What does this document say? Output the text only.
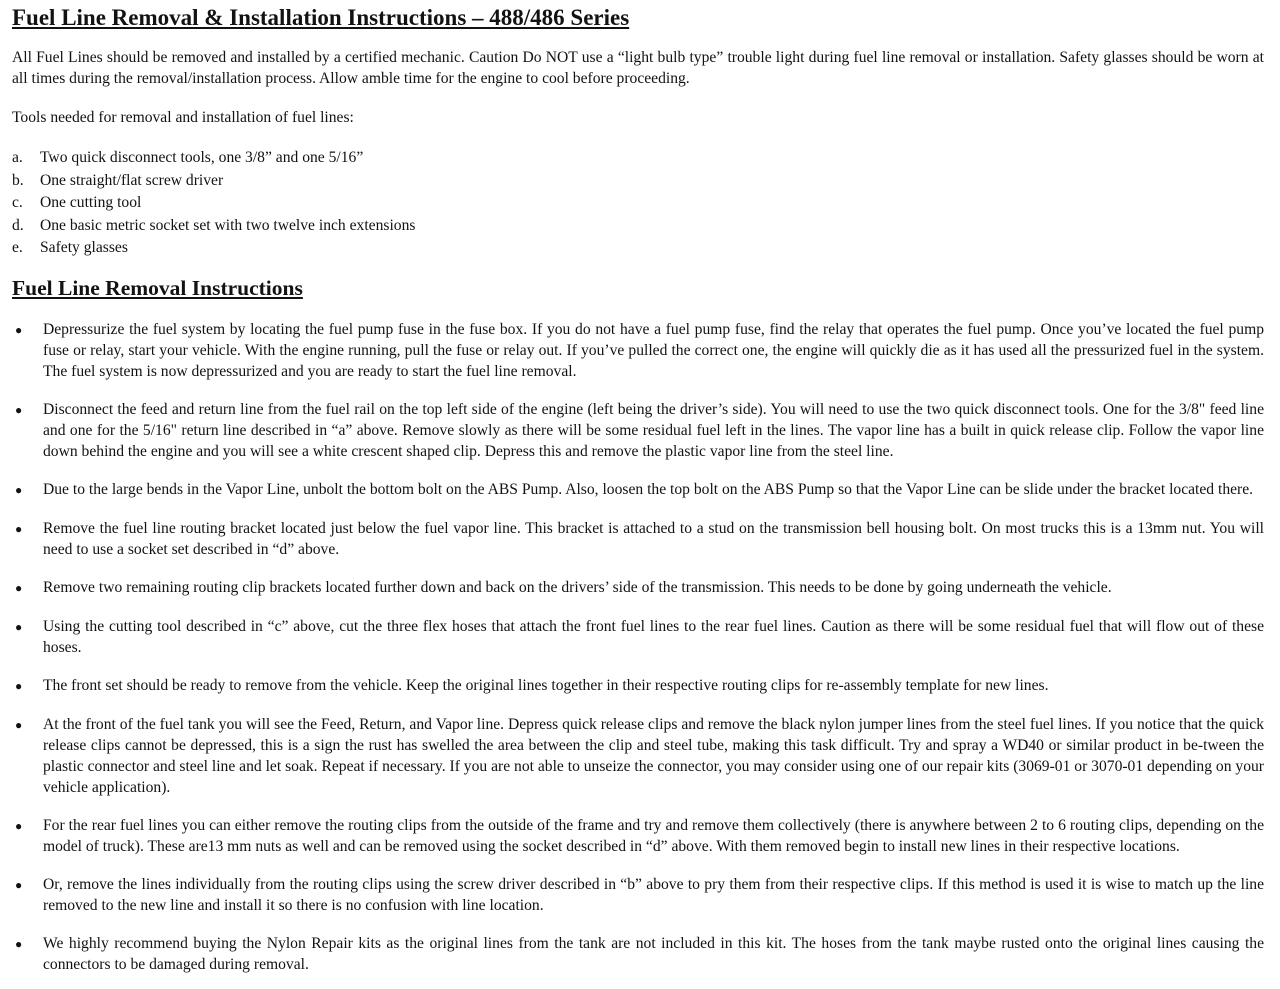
Fuel Line Removal & Installation Instructions – 488/486 Series

All Fuel Lines should be removed and installed by a certified mechanic. Caution Do NOT use a “light bulb type” trouble light during fuel line removal or installation. Safety glasses should be worn at all times during the removal/installation process. Allow amble time for the engine to cool before proceeding.

Tools needed for removal and installation of fuel lines:

a.	Two quick disconnect tools, one 3/8” and one 5/16”
b.	One straight/flat screw driver
c.	One cutting tool
d.	One basic metric socket set with two twelve inch extensions
e.	Safety glasses
Fuel Line Removal Instructions
●	Depressurize the fuel system by locating the fuel pump fuse in the fuse box. If you do not have a fuel pump fuse, find the relay that operates the fuel pump. Once you’ve located the fuel pump fuse or relay, start your vehicle. With the engine running, pull the fuse or relay out. If you’ve pulled the correct one, the engine will quickly die as it has used all the pressurized fuel in the system. The fuel system is now depressurized and you are ready to start the fuel line removal.

●	Disconnect the feed and return line from the fuel rail on the top left side of the engine (left being the driver’s side). You will need to use the two quick disconnect tools. One for the 3/8" feed line and one for the 5/16" return line described in “a” above. Remove slowly as there will be some residual fuel left in the lines. The vapor line has a built in quick release clip. Follow the vapor line down behind the engine and you will see a white crescent shaped clip. Depress this and remove the plastic vapor line from the steel line.

●	Due to the large bends in the Vapor Line, unbolt the bottom bolt on the ABS Pump. Also, loosen the top bolt on the ABS Pump so that the Vapor Line can be slide under the bracket located there.

●	Remove the fuel line routing bracket located just below the fuel vapor line. This bracket is attached to a stud on the transmission bell housing bolt. On most trucks this is a 13mm nut. You will need to use a socket set described in “d” above.

●	Remove two remaining routing clip brackets located further down and back on the drivers’ side of the transmission. This needs to be done by going underneath the vehicle.

●	Using the cutting tool described in “c” above, cut the three flex hoses that attach the front fuel lines to the rear fuel lines. Caution as there will be some residual fuel that will flow out of these hoses.

●	The front set should be ready to remove from the vehicle. Keep the original lines together in their respective routing clips for re-assembly template for new lines.

●	At the front of the fuel tank you will see the Feed, Return, and Vapor line. Depress quick release clips and remove the black nylon jumper lines from the steel fuel lines. If you notice that the quick release clips cannot be depressed, this is a sign the rust has swelled the area between the clip and steel tube, making this task difficult. Try and spray a WD40 or similar product in be-tween the plastic connector and steel line and let soak. Repeat if necessary. If you are not able to unseize the connector, you may consider using one of our repair kits (3069-01 or 3070-01 depending on your vehicle application).

●	For the rear fuel lines you can either remove the routing clips from the outside of the frame and try and remove them collectively (there is anywhere between 2 to 6 routing clips, depending on the model of truck). These are13 mm nuts as well and can be removed using the socket described in “d” above. With them removed begin to install new lines in their respective locations.

●	Or, remove the lines individually from the routing clips using the screw driver described in “b” above to pry them from their respective clips. If this method is used it is wise to match up the line removed to the new line and install it so there is no confusion with line location.

●	We highly recommend buying the Nylon Repair kits as the original lines from the tank are not included in this kit. The hoses from the tank maybe rusted onto the original lines causing the connectors to be damaged during removal.
